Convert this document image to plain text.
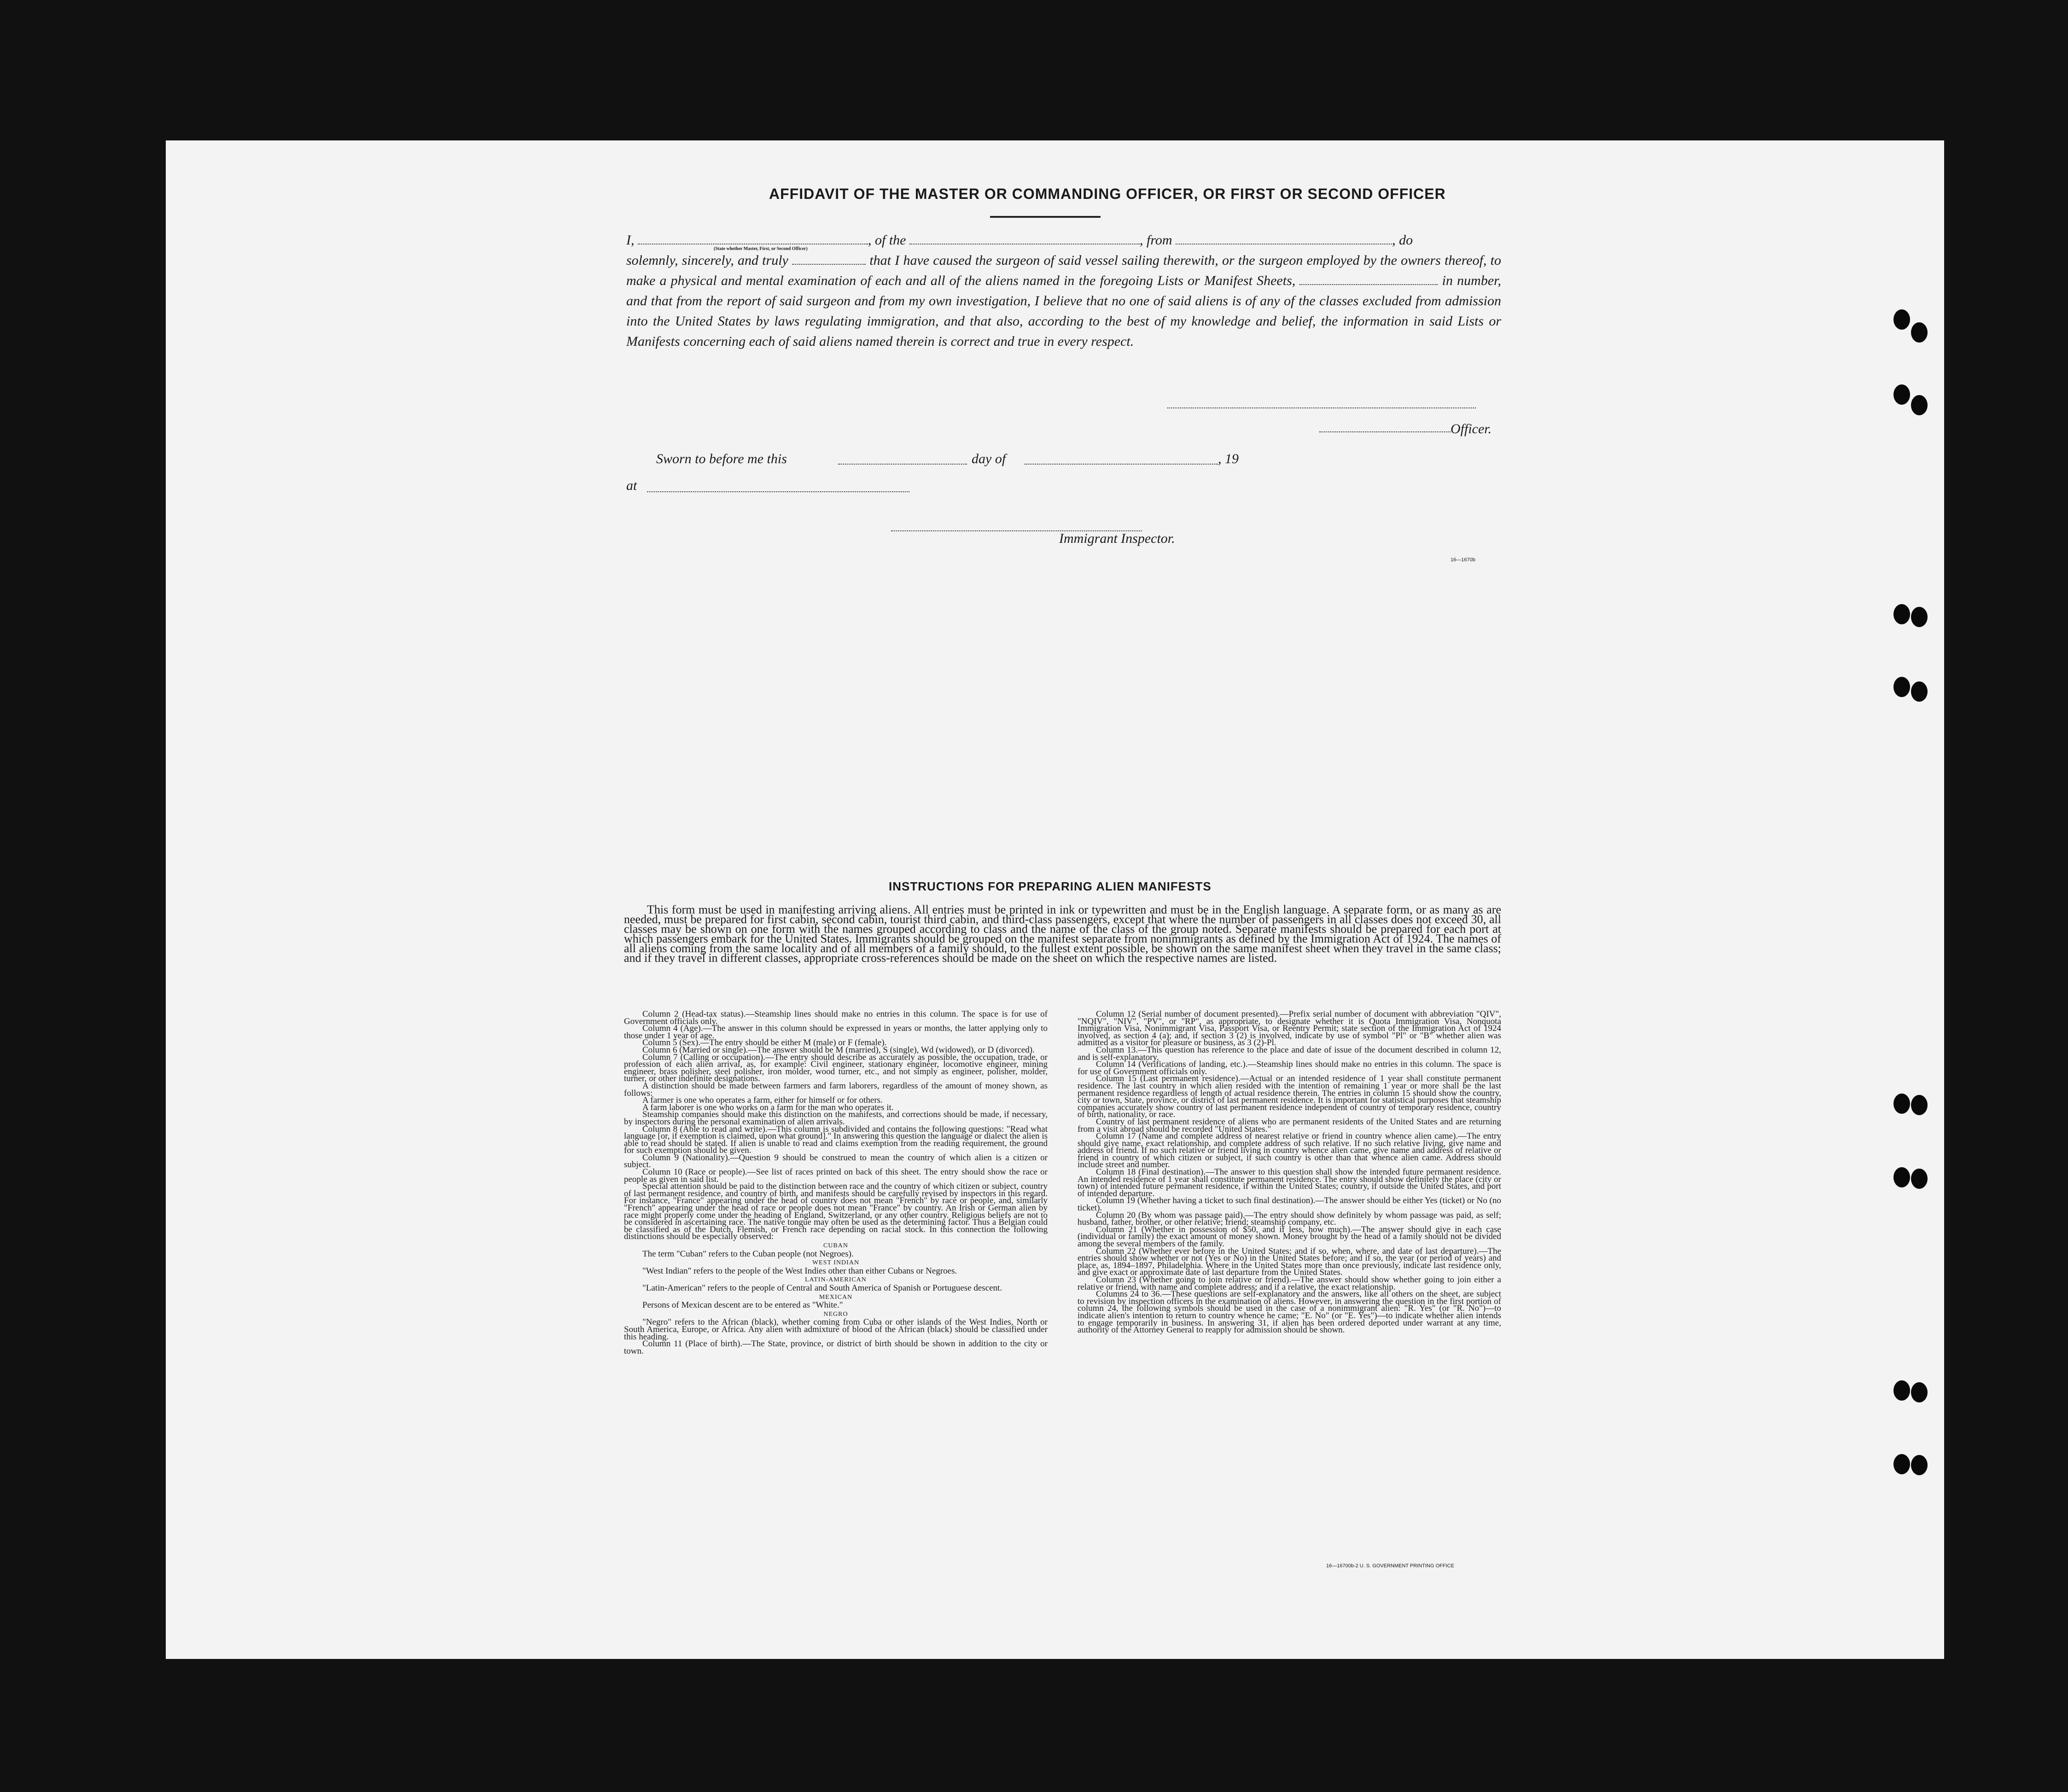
AFFIDAVIT OF THE MASTER OR COMMANDING OFFICER, OR FIRST OR SECOND OFFICER

I,	, of the	, from	, do

solemnly, sincerely, and truly	that I have caused the surgeon of said vessel sailing therewith, or the surgeon employed by the owners thereof, to make a physical and mental examination of each and all of the aliens named in the foregoing Lists or Manifest Sheets,	in number, and that from the report of said surgeon and from my own investigation, I believe that no one of said aliens is of any of the classes excluded from admission into the United States by laws regulating immigration, and that also, according to the best of my knowledge and belief, the information in said Lists or Manifests concerning each of said aliens named therein is correct and true in every respect.

(State whether Master, First, or Second Officer)
Officer.
Sworn to before me this	day of	, 19
at
Immigrant Inspector.
16—1670b
INSTRUCTIONS FOR PREPARING ALIEN MANIFESTS

This form must be used in manifesting arriving aliens. All entries must be printed in ink or typewritten and must be in the English language. A separate form, or as many as are needed, must be prepared for first cabin, second cabin, tourist third cabin, and third-class passengers, except that where the number of passengers in all classes does not exceed 30, all classes may be shown on one form with the names grouped according to class and the name of the class of the group noted. Separate manifests should be prepared for each port at which passengers embark for the United States. Immigrants should be grouped on the manifest separate from nonimmigrants as defined by the Immigration Act of 1924. The names of all aliens coming from the same locality and of all members of a family should, to the fullest extent possible, be shown on the same manifest sheet when they travel in the same class; and if they travel in different classes, appropriate cross-references should be made on the sheet on which the respective names are listed.

Column 2 (Head-tax status).—Steamship lines should make no entries in this column. The space is for use of Government officials only.

Column 4 (Age).—The answer in this column should be expressed in years or months, the latter applying only to those under 1 year of age.

Column 5 (Sex).—The entry should be either M (male) or F (female).

Column 6 (Married or single).—The answer should be M (married), S (single), Wd (widowed), or D (divorced).

Column 7 (Calling or occupation).—The entry should describe as accurately as possible, the occupation, trade, or profession of each alien arrival, as, for example: Civil engineer, stationary engineer, locomotive engineer, mining engineer, brass polisher, steel polisher, iron molder, wood turner, etc., and not simply as engineer, polisher, molder, turner, or other indefinite designations.

A distinction should be made between farmers and farm laborers, regardless of the amount of money shown, as follows:

A farmer is one who operates a farm, either for himself or for others.

A farm laborer is one who works on a farm for the man who operates it.

Steamship companies should make this distinction on the manifests, and corrections should be made, if necessary, by inspectors during the personal examination of alien arrivals.

Column 8 (Able to read and write).—This column is subdivided and contains the following questions: "Read what language [or, if exemption is claimed, upon what ground]." In answering this question the language or dialect the alien is able to read should be stated. If alien is unable to read and claims exemption from the reading requirement, the ground for such exemption should be given.

Column 9 (Nationality).—Question 9 should be construed to mean the country of which alien is a citizen or subject.

Column 10 (Race or people).—See list of races printed on back of this sheet. The entry should show the race or people as given in said list.

Special attention should be paid to the distinction between race and the country of which citizen or subject, country of last permanent residence, and country of birth, and manifests should be carefully revised by inspectors in this regard. For instance, "France" appearing under the head of country does not mean "French" by race or people, and, similarly "French" appearing under the head of race or people does not mean "France" by country. An Irish or German alien by race might properly come under the heading of England, Switzerland, or any other country. Religious beliefs are not to be considered in ascertaining race. The native tongue may often be used as the determining factor. Thus a Belgian could be classified as of the Dutch, Flemish, or French race depending on racial stock. In this connection the following distinctions should be especially observed:

CUBAN

The term "Cuban" refers to the Cuban people (not Negroes).

WEST INDIAN

"West Indian" refers to the people of the West Indies other than either Cubans or Negroes.

LATIN-AMERICAN

"Latin-American" refers to the people of Central and South America of Spanish or Portuguese descent.

MEXICAN

Persons of Mexican descent are to be entered as "White."

NEGRO

"Negro" refers to the African (black), whether coming from Cuba or other islands of the West Indies, North or South America, Europe, or Africa. Any alien with admixture of blood of the African (black) should be classified under this heading.

Column 11 (Place of birth).—The State, province, or district of birth should be shown in addition to the city or town.

Column 12 (Serial number of document presented).—Prefix serial number of document with abbreviation "QIV", "NQIV", "NIV", "PV", or "RP", as appropriate, to designate whether it is Quota Immigration Visa, Nonquota Immigration Visa, Nonimmigrant Visa, Passport Visa, or Reentry Permit; state section of the Immigration Act of 1924 involved, as section 4 (a); and, if section 3 (2) is involved, indicate by use of symbol "Pl" or "B" whether alien was admitted as a visitor for pleasure or business, as 3 (2)-Pl.

Column 13.—This question has reference to the place and date of issue of the document described in column 12, and is self-explanatory.

Column 14 (Verifications of landing, etc.).—Steamship lines should make no entries in this column. The space is for use of Government officials only.

Column 15 (Last permanent residence).—Actual or an intended residence of 1 year shall constitute permanent residence. The last country in which alien resided with the intention of remaining 1 year or more shall be the last permanent residence regardless of length of actual residence therein. The entries in column 15 should show the country, city or town, State, province, or district of last permanent residence. It is important for statistical purposes that steamship companies accurately show country of last permanent residence independent of country of temporary residence, country of birth, nationality, or race.

Country of last permanent residence of aliens who are permanent residents of the United States and are returning from a visit abroad should be recorded "United States."

Column 17 (Name and complete address of nearest relative or friend in country whence alien came).—The entry should give name, exact relationship, and complete address of such relative. If no such relative living, give name and address of friend. If no such relative or friend living in country whence alien came, give name and address of relative or friend in country of which citizen or subject, if such country is other than that whence alien came. Address should include street and number.

Column 18 (Final destination).—The answer to this question shall show the intended future permanent residence. An intended residence of 1 year shall constitute permanent residence. The entry should show definitely the place (city or town) of intended future permanent residence, if within the United States; country, if outside the United States, and port of intended departure.

Column 19 (Whether having a ticket to such final destination).—The answer should be either Yes (ticket) or No (no ticket).

Column 20 (By whom was passage paid).—The entry should show definitely by whom passage was paid, as self; husband, father, brother, or other relative; friend; steamship company, etc.

Column 21 (Whether in possession of $50, and if less, how much).—The answer should give in each case (individual or family) the exact amount of money shown. Money brought by the head of a family should not be divided among the several members of the family.

Column 22 (Whether ever before in the United States; and if so, when, where, and date of last departure).—The entries should show whether or not (Yes or No) in the United States before; and if so, the year (or period of years) and place, as, 1894–1897, Philadelphia. Where in the United States more than once previously, indicate last residence only, and give exact or approximate date of last departure from the United States.

Column 23 (Whether going to join relative or friend).—The answer should show whether going to join either a relative or friend, with name and complete address; and if a relative, the exact relationship.

Columns 24 to 36.—These questions are self-explanatory and the answers, like all others on the sheet, are subject to revision by inspection officers in the examination of aliens. However, in answering the question in the first portion of column 24, the following symbols should be used in the case of a nonimmigrant alien: "R. Yes" (or "R. No")—to indicate alien's intention to return to country whence he came; "E. No" (or "E. Yes")—to indicate whether alien intends to engage temporarily in business. In answering 31, if alien has been ordered deported under warrant at any time, authority of the Attorney General to reapply for admission should be shown.

16—16700b-2 U. S. GOVERNMENT PRINTING OFFICE
